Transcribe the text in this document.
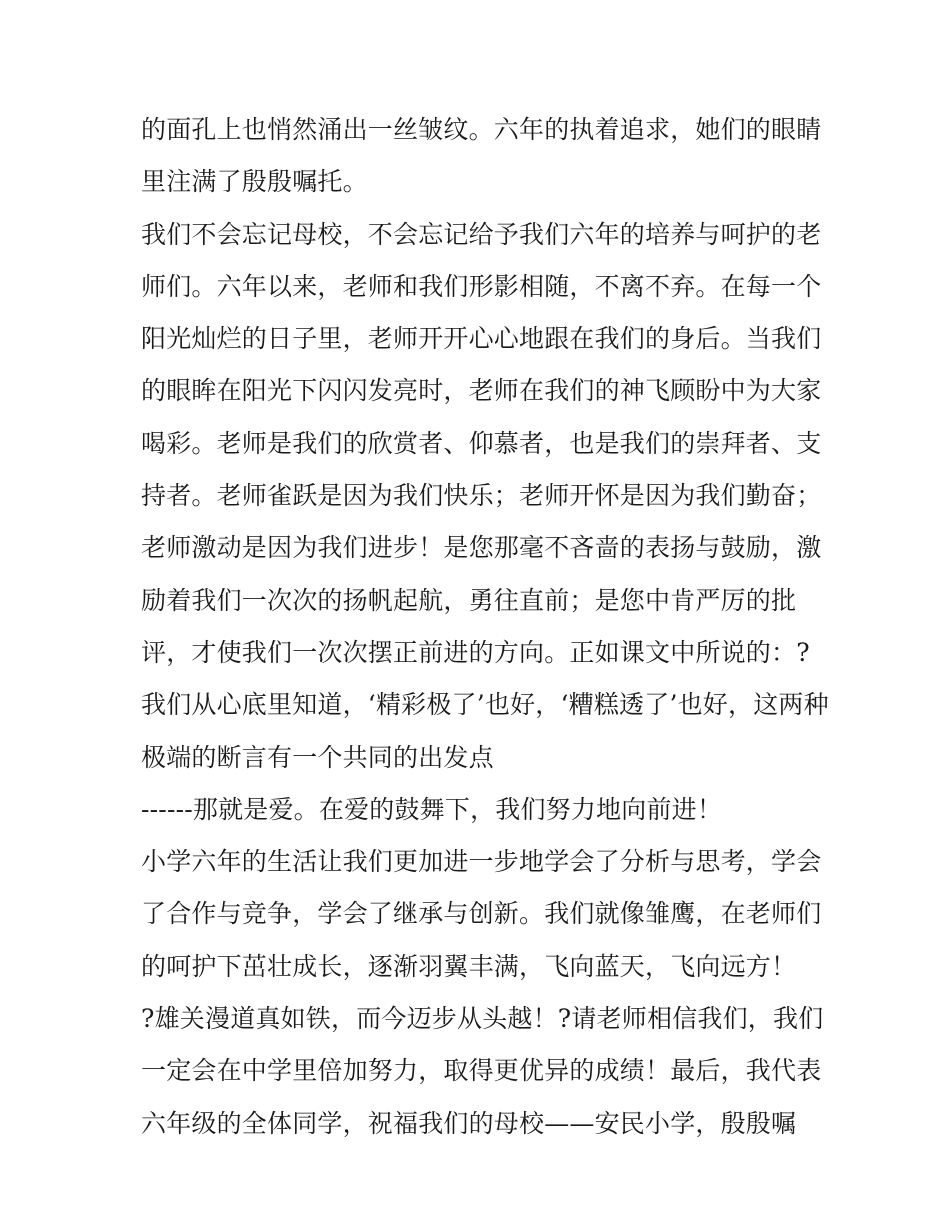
的面孔上也悄然涌出一丝皱纹。六年的执着追求，她们的眼睛
里注满了殷殷嘱托。
我们不会忘记母校，不会忘记给予我们六年的培养与呵护的老
师们。六年以来，老师和我们形影相随，不离不弃。在每一个
阳光灿烂的日子里，老师开开心心地跟在我们的身后。当我们
的眼眸在阳光下闪闪发亮时，老师在我们的神飞顾盼中为大家
喝彩。老师是我们的欣赏者、仰慕者，也是我们的崇拜者、支
持者。老师雀跃是因为我们快乐；老师开怀是因为我们勤奋；
老师激动是因为我们进步！是您那毫不吝啬的表扬与鼓励，激
励着我们一次次的扬帆起航，勇往直前；是您中肯严厉的批
评，才使我们一次次摆正前进的方向。正如课文中所说的：?
我们从心底里知道，‘精彩极了’也好，‘糟糕透了’也好，这两种
极端的断言有一个共同的出发点
------那就是爱。在爱的鼓舞下，我们努力地向前进！
小学六年的生活让我们更加进一步地学会了分析与思考，学会
了合作与竞争，学会了继承与创新。我们就像雏鹰，在老师们
的呵护下茁壮成长，逐渐羽翼丰满，飞向蓝天，飞向远方！
?雄关漫道真如铁，而今迈步从头越！?请老师相信我们，我们
一定会在中学里倍加努力，取得更优异的成绩！最后，我代表
六年级的全体同学，祝福我们的母校——安民小学，殷殷嘱
